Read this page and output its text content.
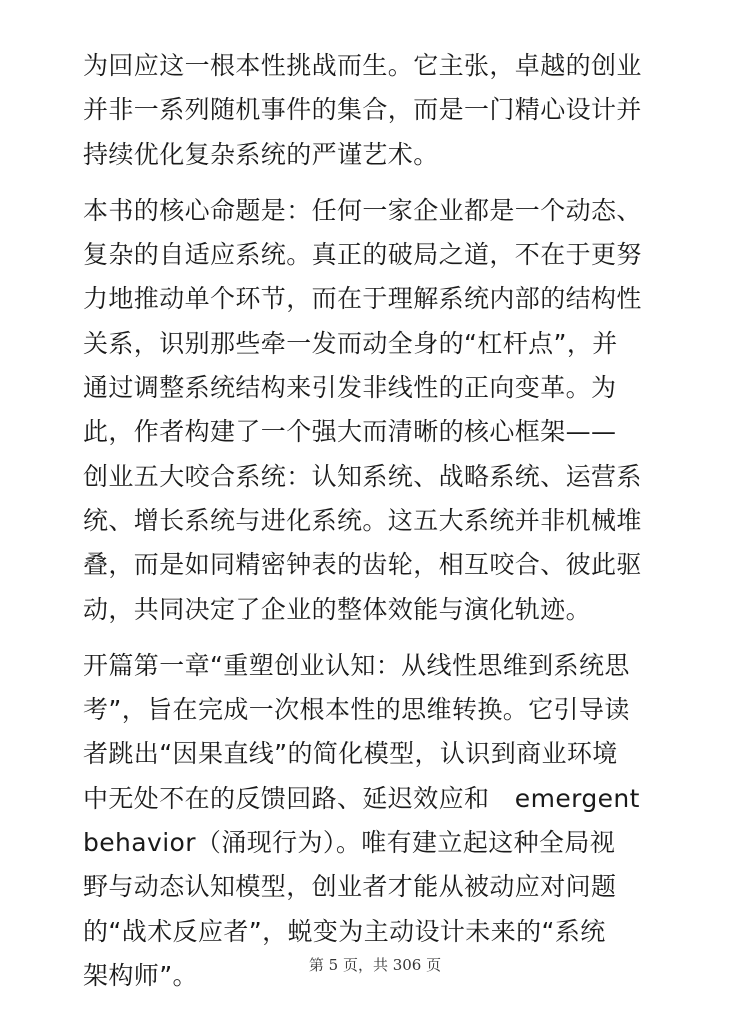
为回应这一根本性挑战而生。它主张，卓越的创业
并非一系列随机事件的集合，而是一门精心设计并
持续优化复杂系统的严谨艺术。

本书的核心命题是：任何一家企业都是一个动态、
复杂的自适应系统。真正的破局之道，不在于更努
力地推动单个环节，而在于理解系统内部的结构性
关系，识别那些牵一发而动全身的“杠杆点”，并
通过调整系统结构来引发非线性的正向变革。为
此，作者构建了一个强大而清晰的核心框架——
创业五大咬合系统：认知系统、战略系统、运营系
统、增长系统与进化系统。这五大系统并非机械堆
叠，而是如同精密钟表的齿轮，相互咬合、彼此驱
动，共同决定了企业的整体效能与演化轨迹。

开篇第一章“重塑创业认知：从线性思维到系统思
考”，旨在完成一次根本性的思维转换。它引导读
者跳出“因果直线”的简化模型，认识到商业环境
中无处不在的反馈回路、延迟效应和　emergent
behavior（涌现行为）。唯有建立起这种全局视
野与动态认知模型，创业者才能从被动应对问题
的“战术反应者”，蜕变为主动设计未来的“系统
架构师”。	第 5 页，共 306 页
